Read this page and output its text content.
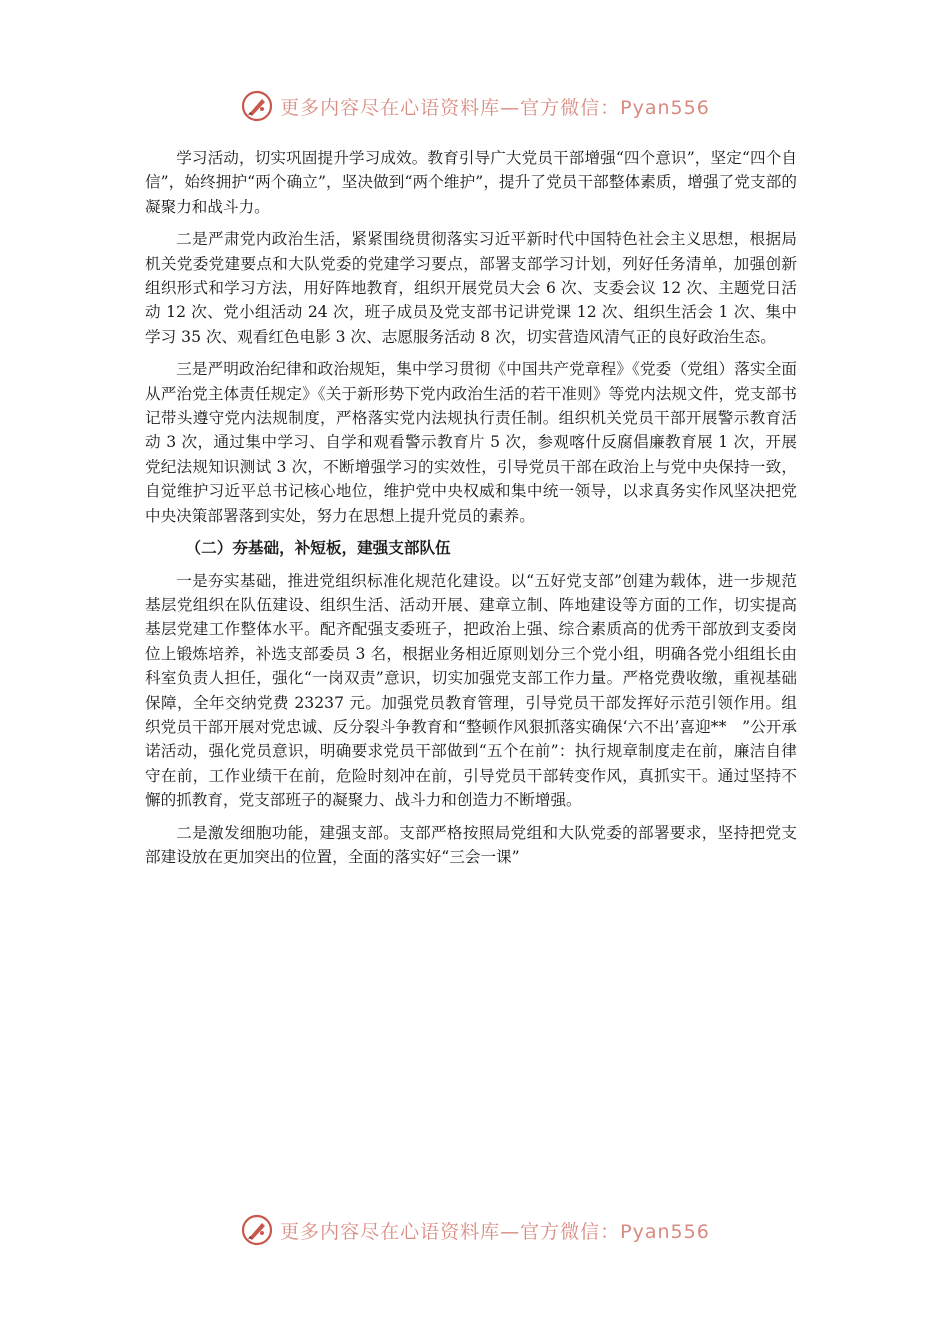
更多内容尽在心语资料库—官方微信：Pyan556

学习活动，切实巩固提升学习成效。教育引导广大党员干部增强“四个意识”，坚定“四个自信”，始终拥护“两个确立”，坚决做到“两个维护”，提升了党员干部整体素质，增强了党支部的凝聚力和战斗力。

二是严肃党内政治生活，紧紧围绕贯彻落实习近平新时代中国特色社会主义思想，根据局机关党委党建要点和大队党委的党建学习要点，部署支部学习计划，列好任务清单，加强创新组织形式和学习方法，用好阵地教育，组织开展党员大会 6 次、支委会议 12 次、主题党日活动 12 次、党小组活动 24 次，班子成员及党支部书记讲党课 12 次、组织生活会 1 次、集中学习 35 次、观看红色电影 3 次、志愿服务活动 8 次，切实营造风清气正的良好政治生态。

三是严明政治纪律和政治规矩，集中学习贯彻《中国共产党章程》《党委（党组）落实全面从严治党主体责任规定》《关于新形势下党内政治生活的若干准则》等党内法规文件，党支部书记带头遵守党内法规制度，严格落实党内法规执行责任制。组织机关党员干部开展警示教育活动 3 次，通过集中学习、自学和观看警示教育片 5 次，参观喀什反腐倡廉教育展 1 次，开展党纪法规知识测试 3 次，不断增强学习的实效性，引导党员干部在政治上与党中央保持一致，自觉维护习近平总书记核心地位，维护党中央权威和集中统一领导，以求真务实作风坚决把党中央决策部署落到实处，努力在思想上提升党员的素养。

（二）夯基础，补短板，建强支部队伍

一是夯实基础，推进党组织标准化规范化建设。以“五好党支部”创建为载体，进一步规范基层党组织在队伍建设、组织生活、活动开展、建章立制、阵地建设等方面的工作，切实提高基层党建工作整体水平。配齐配强支委班子，把政治上强、综合素质高的优秀干部放到支委岗位上锻炼培养，补选支部委员 3 名，根据业务相近原则划分三个党小组，明确各党小组组长由科室负责人担任，强化“一岗双责”意识，切实加强党支部工作力量。严格党费收缴，重视基础保障，全年交纳党费 23237 元。加强党员教育管理，引导党员干部发挥好示范引领作用。组织党员干部开展对党忠诚、反分裂斗争教育和“整顿作风狠抓落实确保‘六不出’喜迎**　”公开承诺活动，强化党员意识，明确要求党员干部做到“五个在前”：执行规章制度走在前，廉洁自律守在前，工作业绩干在前，危险时刻冲在前，引导党员干部转变作风，真抓实干。通过坚持不懈的抓教育，党支部班子的凝聚力、战斗力和创造力不断增强。

二是激发细胞功能，建强支部。支部严格按照局党组和大队党委的部署要求，坚持把党支部建设放在更加突出的位置，全面的落实好“三会一课”

更多内容尽在心语资料库—官方微信：Pyan556
